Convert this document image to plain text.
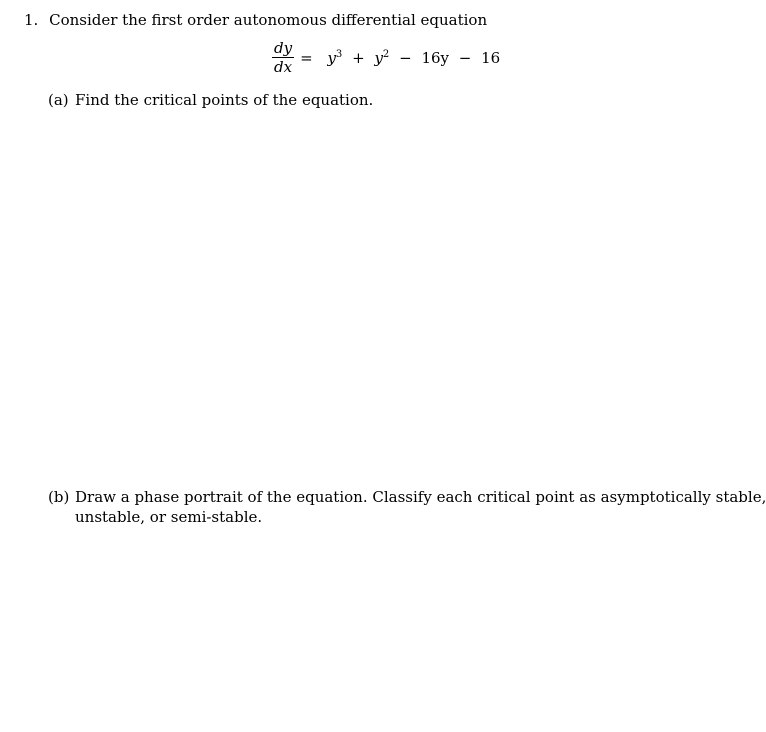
1. Consider the first order autonomous differential equation
$\frac{dy}{dx} = y^3 + y^2 - 16y - 16$
(a) Find the critical points of the equation.
(b) Draw a phase portrait of the equation. Classify each critical point as asymptotically stable,
unstable, or semi-stable.
